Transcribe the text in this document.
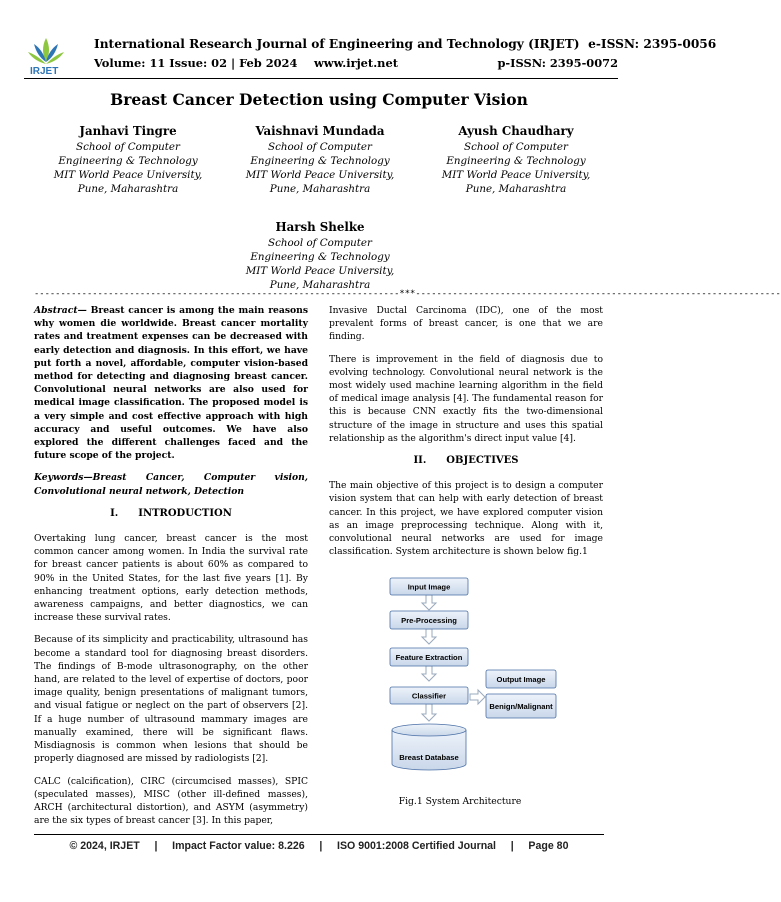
IRJET
International Research Journal of Engineering and Technology (IRJET) e-ISSN: 2395-0056
Volume: 11 Issue: 02 | Feb 2024 www.irjet.net	p-ISSN: 2395-0072
Breast Cancer Detection using Computer Vision
Janhavi Tingre
School of Computer
Engineering & Technology
MIT World Peace University,
Pune, Maharashtra
Vaishnavi Mundada
School of Computer
Engineering & Technology
MIT World Peace University,
Pune, Maharashtra
Ayush Chaudhary
School of Computer
Engineering & Technology
MIT World Peace University,
Pune, Maharashtra
Harsh Shelke
School of Computer
Engineering & Technology
MIT World Peace University,
Pune, Maharashtra
---------------------------------------------------------------------***---------------------------------------------------------------------

Abstract— Breast cancer is among the main reasons why women die worldwide. Breast cancer mortality rates and treatment expenses can be decreased with early detection and diagnosis. In this effort, we have put forth a novel, affordable, computer vision-based method for detecting and diagnosing breast cancer. Convolutional neural networks are also used for medical image classification. The proposed model is a very simple and cost effective approach with high accuracy and useful outcomes. We have also explored the different challenges faced and the future scope of the project.

Keywords—Breast Cancer, Computer vision, Convolutional neural network, Detection

I.  INTRODUCTION

Overtaking lung cancer, breast cancer is the most common cancer among women. In India the survival rate for breast cancer patients is about 60% as compared to 90% in the United States, for the last five years [1]. By enhancing treatment options, early detection methods, awareness campaigns, and better diagnostics, we can increase these survival rates.

Because of its simplicity and practicability, ultrasound has become a standard tool for diagnosing breast disorders. The findings of B-mode ultrasonography, on the other hand, are related to the level of expertise of doctors, poor image quality, benign presentations of malignant tumors, and visual fatigue or neglect on the part of observers [2]. If a huge number of ultrasound mammary images are manually examined, there will be significant flaws. Misdiagnosis is common when lesions that should be properly diagnosed are missed by radiologists [2].

CALC (calcification), CIRC (circumcised masses), SPIC (speculated masses), MISC (other ill-defined masses), ARCH (architectural distortion), and ASYM (asymmetry) are the six types of breast cancer [3]. In this paper,

Invasive Ductal Carcinoma (IDC), one of the most prevalent forms of breast cancer, is one that we are finding.

There is improvement in the field of diagnosis due to evolving technology. Convolutional neural network is the most widely used machine learning algorithm in the field of medical image analysis [4]. The fundamental reason for this is because CNN exactly fits the two-dimensional structure of the image in structure and uses this spatial relationship as the algorithm's direct input value [4].

II.  OBJECTIVES

The main objective of this project is to design a computer vision system that can help with early detection of breast cancer. In this project, we have explored computer vision as an image preprocessing technique. Along with it, convolutional neural networks are used for image classification. System architecture is shown below fig.1

Input Image
Pre-Processing
Feature Extraction
Classifier
Output Image
Benign/Malignant
Breast Database
Fig.1 System Architecture
© 2024, IRJET     |     Impact Factor value: 8.226     |     ISO 9001:2008 Certified Journal     |     Page 80
